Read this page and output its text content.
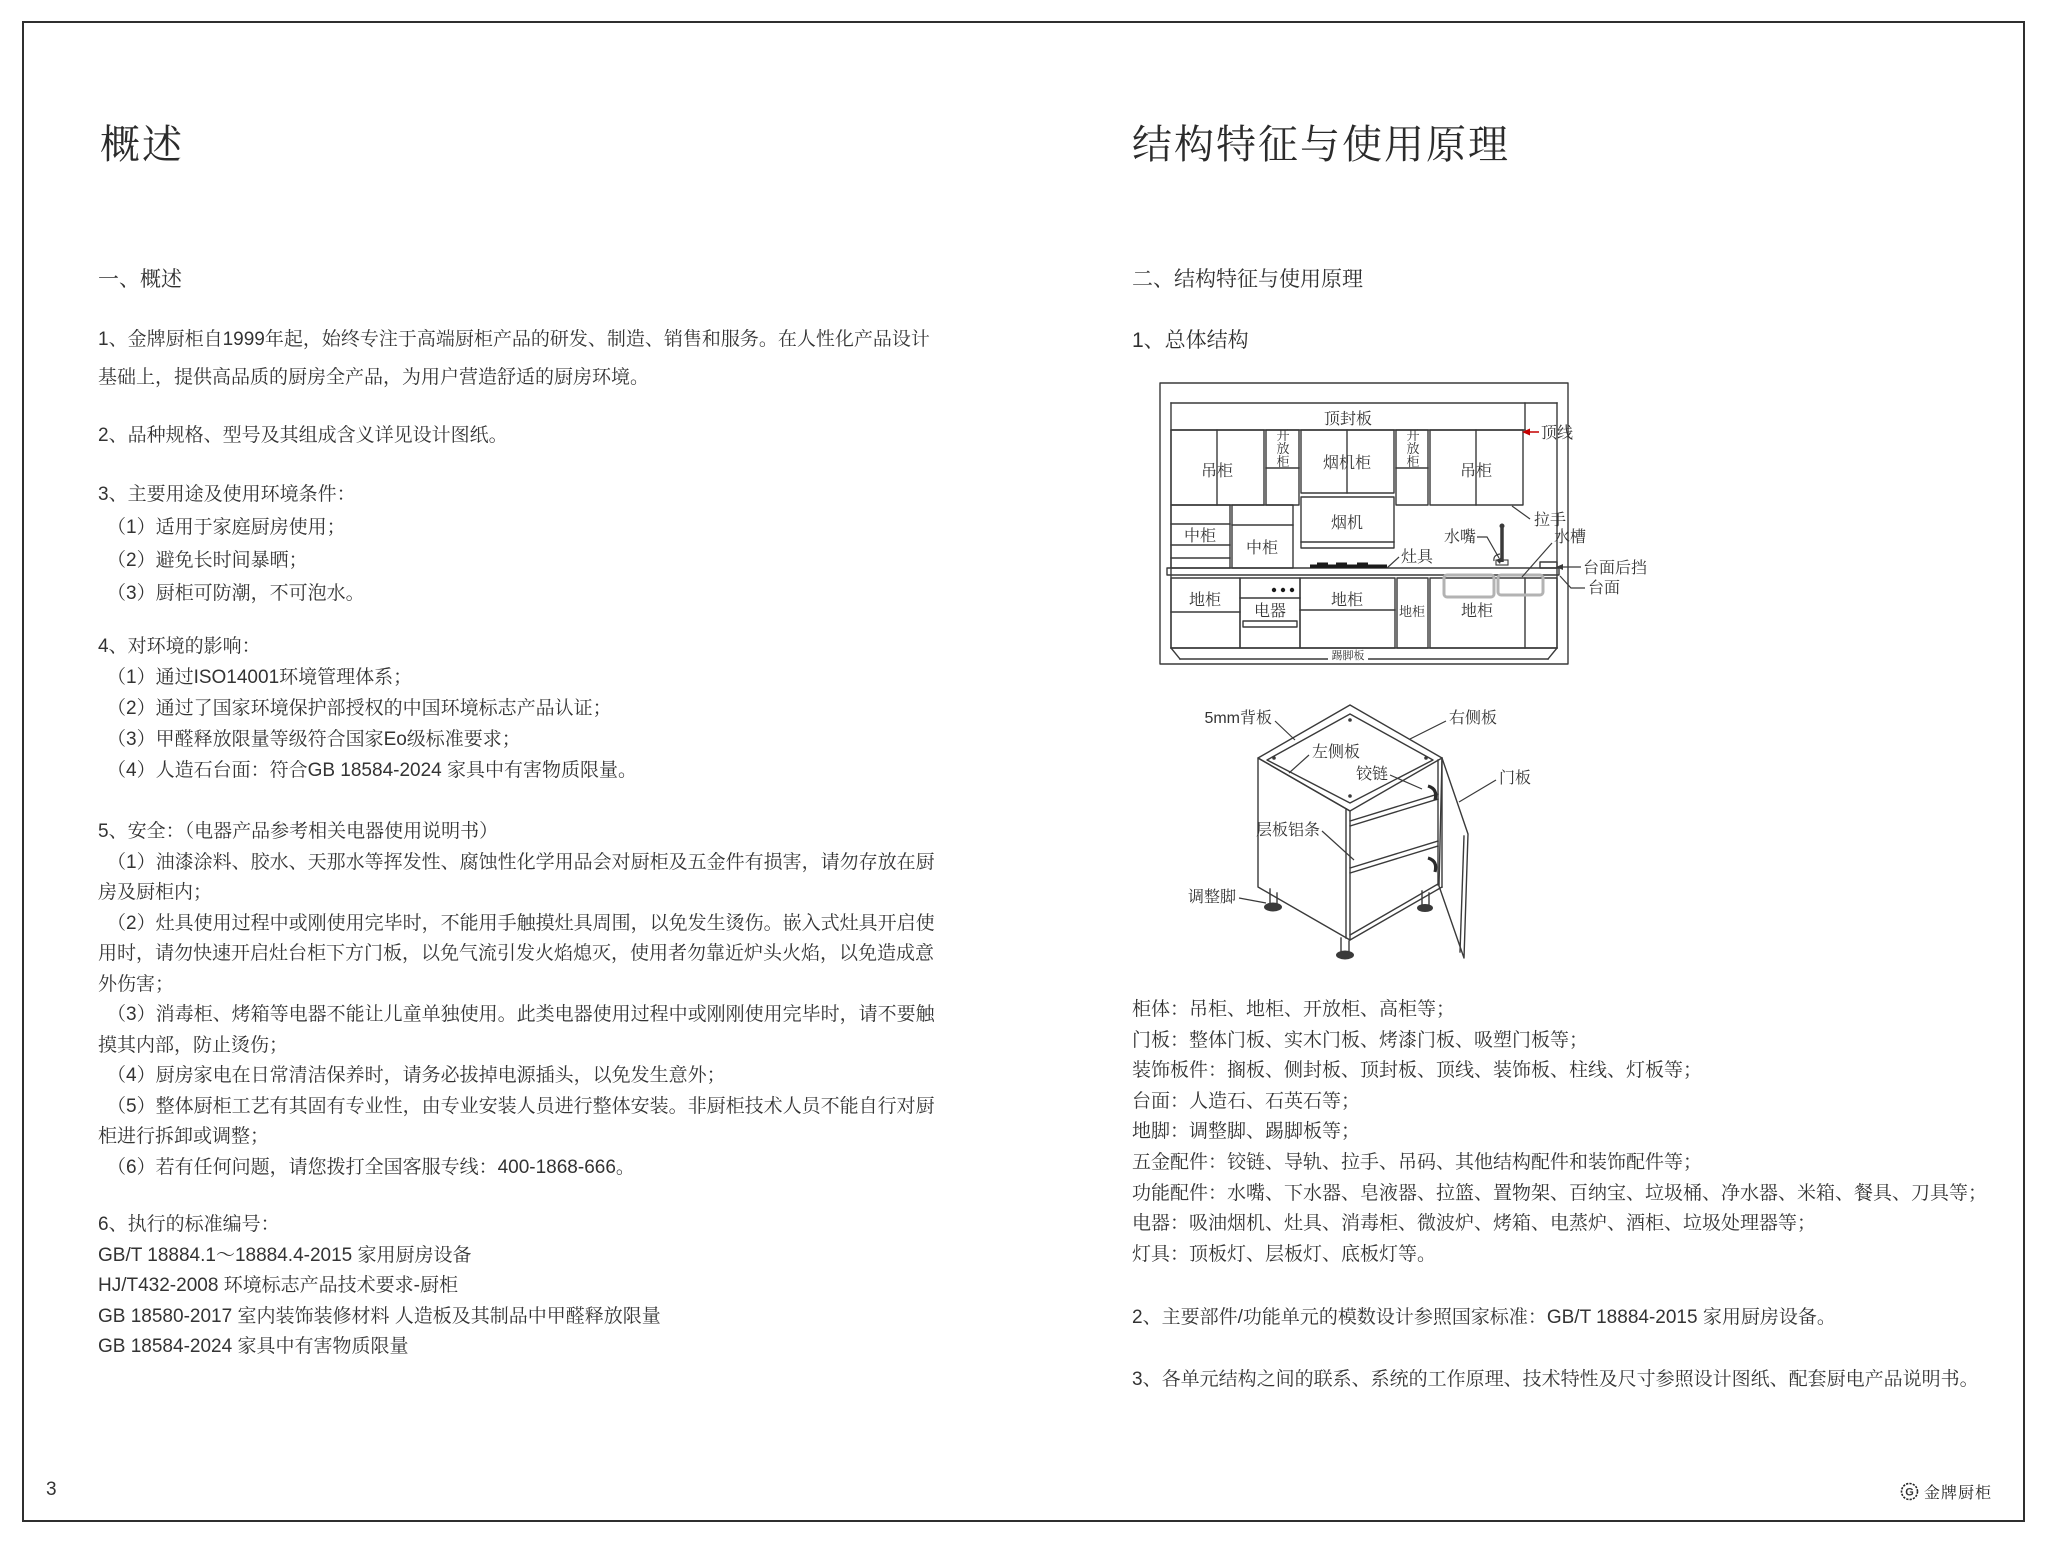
概述
一、概述
1、金牌厨柜自1999年起，始终专注于高端厨柜产品的研发、制造、销售和服务。在人性化产品设计基础上，提供高品质的厨房全产品，为用户营造舒适的厨房环境。
2、品种规格、型号及其组成含义详见设计图纸。
3、主要用途及使用环境条件：
（1）适用于家庭厨房使用；
（2）避免长时间暴晒；
（3）厨柜可防潮，不可泡水。
4、对环境的影响：
（1）通过ISO14001环境管理体系；
（2）通过了国家环境保护部授权的中国环境标志产品认证；
（3）甲醛释放限量等级符合国家Eo级标准要求；
（4）人造石台面：符合GB 18584-2024 家具中有害物质限量。
5、安全：（电器产品参考相关电器使用说明书）
（1）油漆涂料、胶水、天那水等挥发性、腐蚀性化学用品会对厨柜及五金件有损害，请勿存放在厨房及厨柜内；
（2）灶具使用过程中或刚使用完毕时，不能用手触摸灶具周围，以免发生烫伤。嵌入式灶具开启使用时，请勿快速开启灶台柜下方门板，以免气流引发火焰熄灭，使用者勿靠近炉头火焰，以免造成意外伤害；
（3）消毒柜、烤箱等电器不能让儿童单独使用。此类电器使用过程中或刚刚使用完毕时，请不要触摸其内部，防止烫伤；
（4）厨房家电在日常清洁保养时，请务必拔掉电源插头，以免发生意外；
（5）整体厨柜工艺有其固有专业性，由专业安装人员进行整体安装。非厨柜技术人员不能自行对厨柜进行拆卸或调整；
（6）若有任何问题，请您拨打全国客服专线：400-1868-666。
6、执行的标准编号：
GB/T 18884.1～18884.4-2015 家用厨房设备
HJ/T432-2008 环境标志产品技术要求-厨柜
GB 18580-2017 室内装饰装修材料 人造板及其制品中甲醛释放限量
GB 18584-2024 家具中有害物质限量
3
结构特征与使用原理
二、结构特征与使用原理
1、总体结构
顶封板
顶线
吊柜
开放柜 烟机柜	开放柜
吊柜
拉手
中柜
中柜
烟机
灶具
水嘴	水槽
台面后挡
台面
地柜
电器
地柜
地柜 地柜
踢脚板
5mm背板	右侧板
左侧板
铰链	门板
层板铝条
调整脚
柜体：吊柜、地柜、开放柜、高柜等；
门板：整体门板、实木门板、烤漆门板、吸塑门板等；
装饰板件：搁板、侧封板、顶封板、顶线、装饰板、柱线、灯板等；
台面：人造石、石英石等；
地脚：调整脚、踢脚板等；
五金配件：铰链、导轨、拉手、吊码、其他结构配件和装饰配件等；
功能配件：水嘴、下水器、皂液器、拉篮、置物架、百纳宝、垃圾桶、净水器、米箱、餐具、刀具等；
电器：吸油烟机、灶具、消毒柜、微波炉、烤箱、电蒸炉、酒柜、垃圾处理器等；
灯具：顶板灯、层板灯、底板灯等。
2、主要部件/功能单元的模数设计参照国家标准：GB/T 18884-2015 家用厨房设备。
3、各单元结构之间的联系、系统的工作原理、技术特性及尺寸参照设计图纸、配套厨电产品说明书。
G 金牌厨柜
